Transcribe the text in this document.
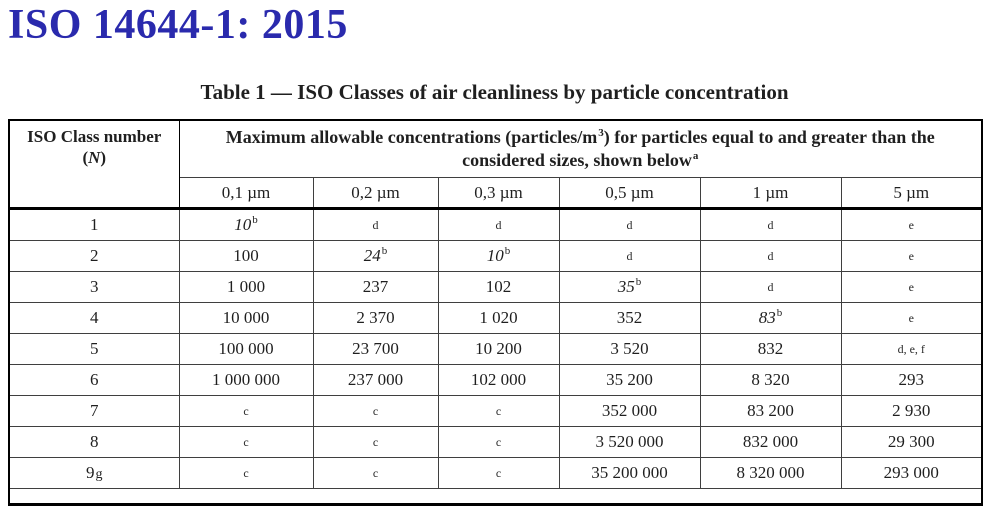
ISO 14644-1: 2015
Table 1 — ISO Classes of air cleanliness by particle concentration
ISO Class number
(N)	Maximum allowable concentrations $(particles/m^3)$ for particles equal to and greater than the considered sizes, shown below$^a$
	0,1 µm	0,2 µm	0,3 µm	0,5 µm	1 µm	5 µm
1	10$^b$	d	d	d	d	e
2	100	24$^b$	10$^b$	d	d	e
3	1 000	237	102	35$^b$	d	e
4	10 000	2 370	1 020	352	83$^b$	e
5	100 000	23 700	10 200	3 520	832	d, e, f
6	1 000 000	237 000	102 000	35 200	8 320	293
7	c	c	c	352 000	83 200	2 930
8	c	c	c	3 520 000	832 000	29 300
9g	c	c	c	35 200 000	8 320 000	293 000
